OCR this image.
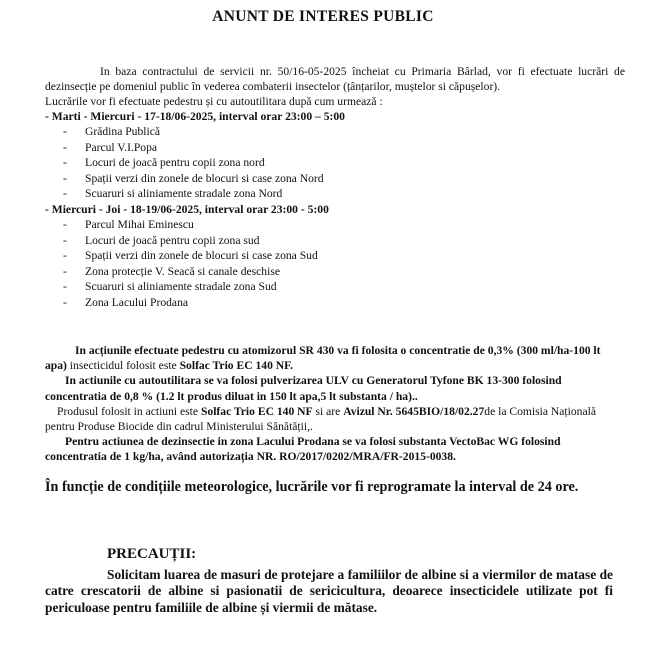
ANUNT DE INTERES PUBLIC
In baza contractului de servicii nr. 50/16-05-2025 încheiat cu Primaria Bârlad, vor fi efectuate lucrări de dezinsecție pe domeniul public în vederea combaterii insectelor (țânțarilor, muștelor si căpușelor).
Lucrările vor fi efectuate pedestru și cu autoutilitara după cum urmează :
- Marti - Miercuri - 17-18/06-2025, interval orar 23:00 – 5:00
- Grădina Publică
- Parcul V.I.Popa
- Locuri de joacă pentru copii zona nord
- Spații verzi din zonele de blocuri si case zona Nord
- Scuaruri si aliniamente stradale zona Nord
- Miercuri - Joi - 18-19/06-2025, interval orar 23:00 - 5:00
- Parcul Mihai Eminescu
- Locuri de joacă pentru copii zona sud
- Spații verzi din zonele de blocuri si case zona Sud
- Zona protecție V. Seacă si canale deschise
- Scuaruri si aliniamente stradale zona Sud
- Zona Lacului Prodana

In acțiunile efectuate pedestru cu atomizorul SR 430 va fi folosita o concentratie de 0,3% (300 ml/ha-100 lt apa) insecticidul folosit este Solfac Trio EC 140 NF.

In actiunile cu autoutilitara se va folosi pulverizarea ULV cu Generatorul Tyfone BK 13-300 folosind concentratia de 0,8 % (1.2 lt produs diluat in 150 lt apa,5 lt substanta / ha)..

Produsul folosit in actiuni este Solfac Trio EC 140 NF si are Avizul Nr. 5645BIO/18/02.27de la Comisia Națională pentru Produse Biocide din cadrul Ministerului Sănătății,.

Pentru actiunea de dezinsectie in zona Lacului Prodana se va folosi substanta VectoBac WG folosind concentratia de 1 kg/ha, având autorizația NR. RO/2017/0202/MRA/FR-2015-0038.

În funcție de condițiile meteorologice, lucrările vor fi reprogramate la interval de 24 ore.
PRECAUȚII:
Solicitam luarea de masuri de protejare a familiilor de albine si a viermilor de matase de catre crescatorii de albine si pasionatii de sericicultura, deoarece insecticidele utilizate pot fi periculoase pentru familiile de albine și viermii de mătase.
